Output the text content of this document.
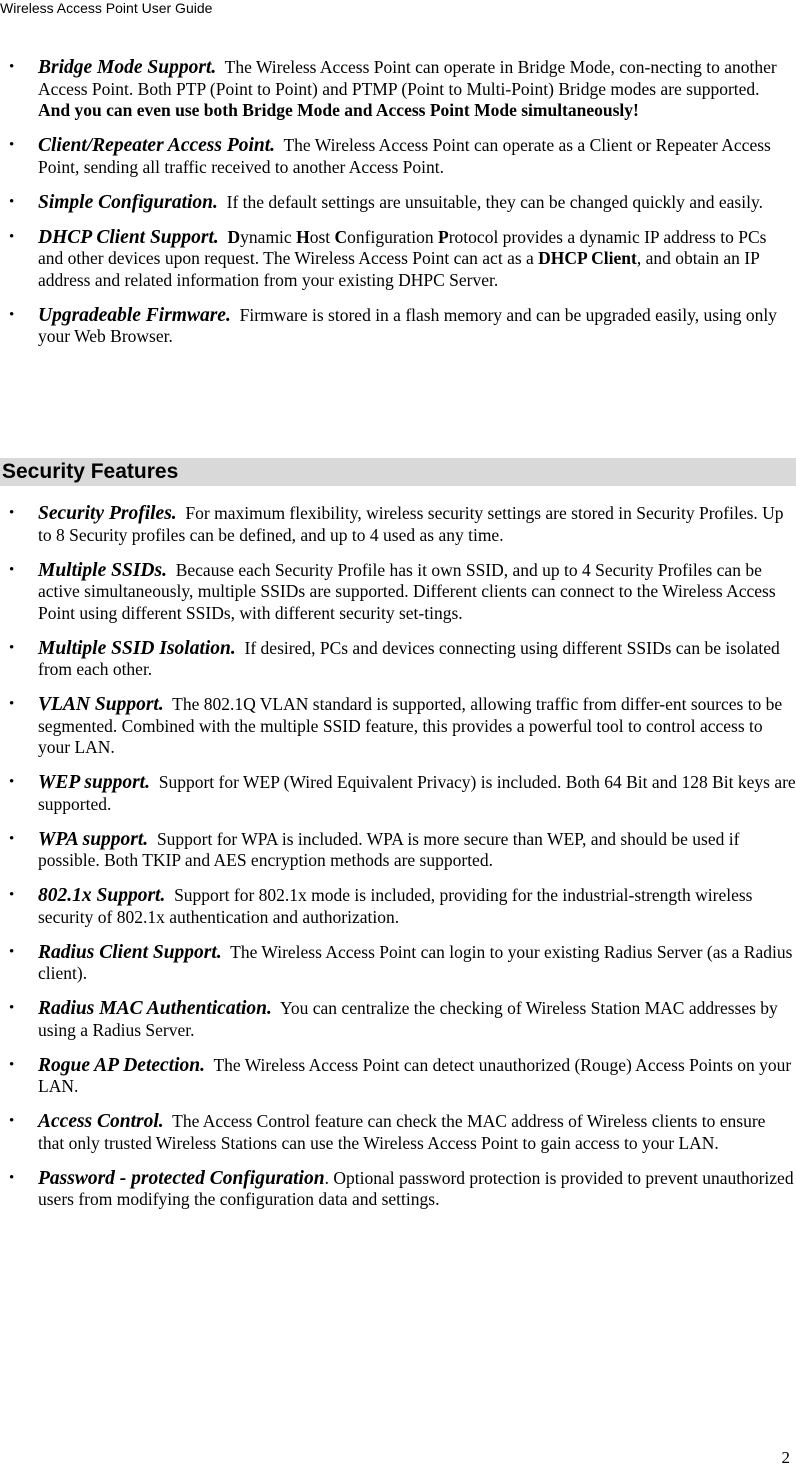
Wireless Access Point User Guide
• Bridge Mode Support. The Wireless Access Point can operate in Bridge Mode, con-necting to another Access Point. Both PTP (Point to Point) and PTMP (Point to Multi-Point) Bridge modes are supported.
And you can even use both Bridge Mode and Access Point Mode simultaneously!
• Client/Repeater Access Point. The Wireless Access Point can operate as a Client or Repeater Access Point, sending all traffic received to another Access Point.
• Simple Configuration. If the default settings are unsuitable, they can be changed quickly and easily.
• DHCP Client Support. Dynamic Host Configuration Protocol provides a dynamic IP address to PCs and other devices upon request. The Wireless Access Point can act as a DHCP Client, and obtain an IP address and related information from your existing DHPC Server.
• Upgradeable Firmware. Firmware is stored in a flash memory and can be upgraded easily, using only your Web Browser.
Security Features
• Security Profiles. For maximum flexibility, wireless security settings are stored in Security Profiles. Up to 8 Security profiles can be defined, and up to 4 used as any time.
• Multiple SSIDs. Because each Security Profile has it own SSID, and up to 4 Security Profiles can be active simultaneously, multiple SSIDs are supported. Different clients can connect to the Wireless Access Point using different SSIDs, with different security set-tings.
• Multiple SSID Isolation. If desired, PCs and devices connecting using different SSIDs can be isolated from each other.
• VLAN Support. The 802.1Q VLAN standard is supported, allowing traffic from differ-ent sources to be segmented. Combined with the multiple SSID feature, this provides a powerful tool to control access to your LAN.
• WEP support. Support for WEP (Wired Equivalent Privacy) is included. Both 64 Bit and 128 Bit keys are supported.
• WPA support. Support for WPA is included. WPA is more secure than WEP, and should be used if possible. Both TKIP and AES encryption methods are supported.
• 802.1x Support. Support for 802.1x mode is included, providing for the industrial-strength wireless security of 802.1x authentication and authorization.
• Radius Client Support. The Wireless Access Point can login to your existing Radius Server (as a Radius client).
• Radius MAC Authentication. You can centralize the checking of Wireless Station MAC addresses by using a Radius Server.
• Rogue AP Detection. The Wireless Access Point can detect unauthorized (Rouge) Access Points on your LAN.
• Access Control. The Access Control feature can check the MAC address of Wireless clients to ensure that only trusted Wireless Stations can use the Wireless Access Point to gain access to your LAN.
• Password - protected Configuration. Optional password protection is provided to prevent unauthorized users from modifying the configuration data and settings.
2
